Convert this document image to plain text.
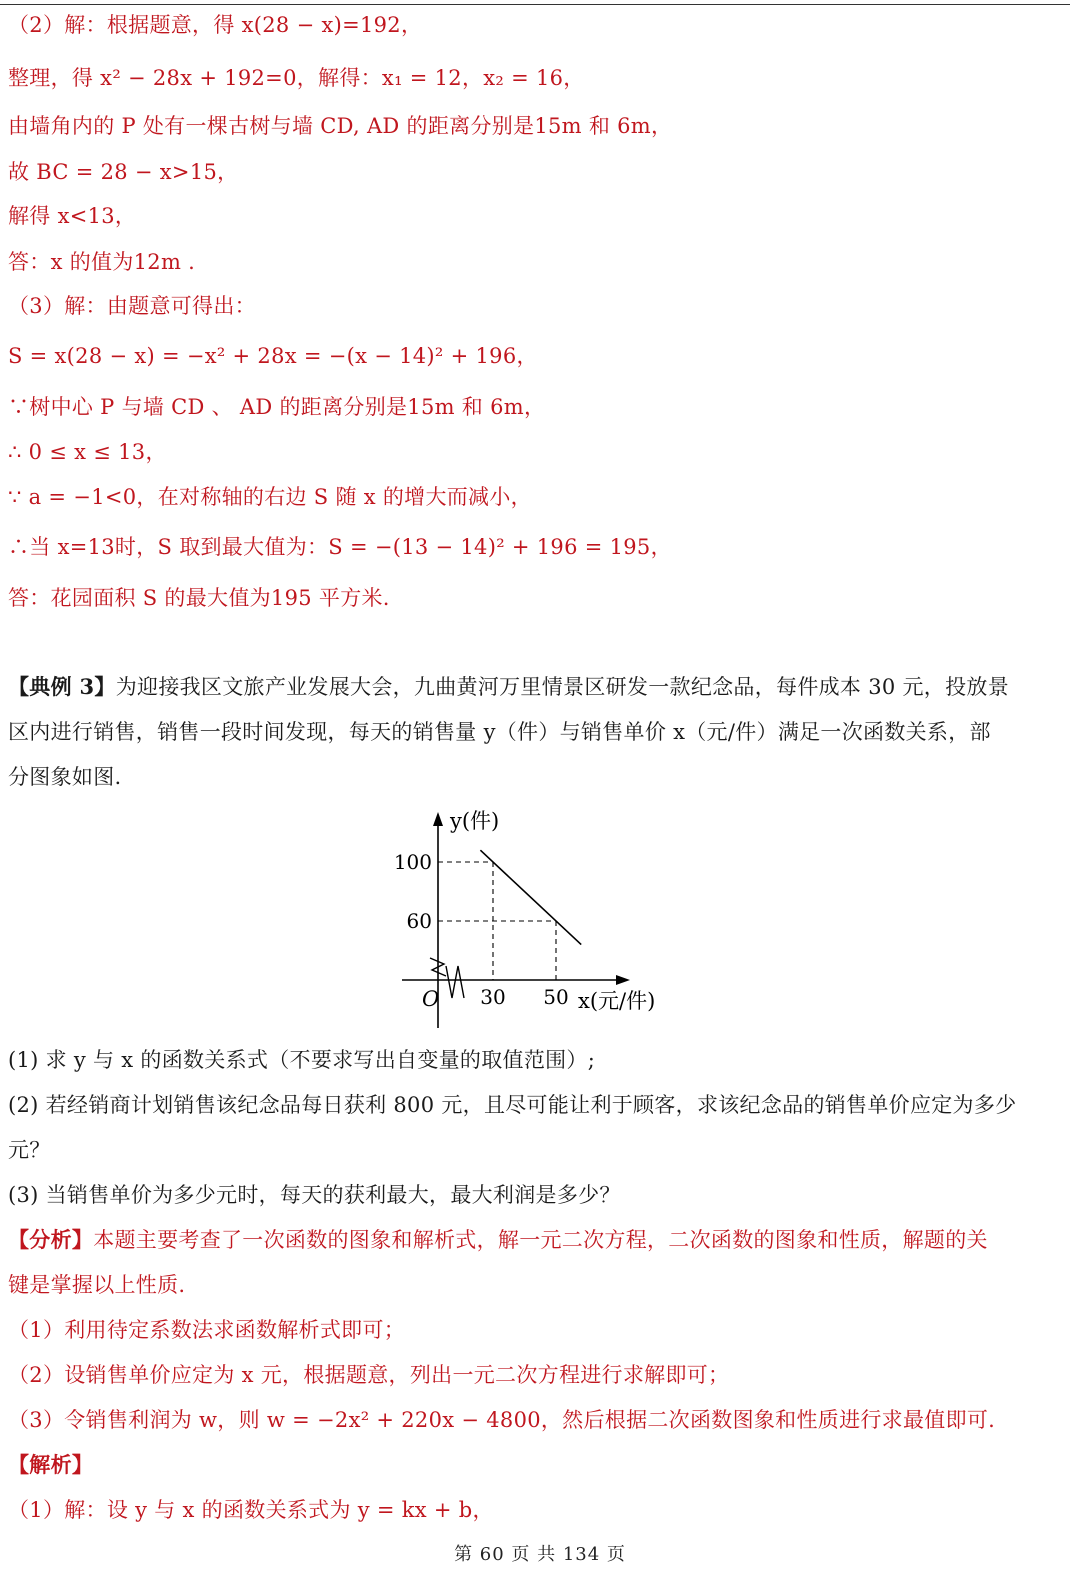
（2）解：根据题意，得 x(28 − x)=192，
整理，得 x² − 28x + 192=0，解得：x₁ = 12，x₂ = 16，
由墙角内的 P 处有一棵古树与墙 CD, AD 的距离分别是15m 和 6m，
故 BC = 28 − x>15，
解得 x<13，
答：x 的值为12m .
（3）解：由题意可得出：
S = x(28 − x) = −x² + 28x = −(x − 14)² + 196，
∵树中心 P 与墙 CD 、 AD 的距离分别是15m 和 6m，
∴ 0 ≤ x ≤ 13，
∵ a = −1<0，在对称轴的右边 S 随 x 的增大而减小，
∴当 x=13时，S 取到最大值为：S = −(13 − 14)² + 196 = 195，
答：花园面积 S 的最大值为195 平方米.
【典例 3】为迎接我区文旅产业发展大会，九曲黄河万里情景区研发一款纪念品，每件成本 30 元，投放景
区内进行销售，销售一段时间发现，每天的销售量 y（件）与销售单价 x（元/件）满足一次函数关系，部
分图象如图.
O 30 50
100
60
y(件)
x(元/件)
(1) 求 y 与 x 的函数关系式（不要求写出自变量的取值范围）;
(2) 若经销商计划销售该纪念品每日获利 800 元，且尽可能让利于顾客，求该纪念品的销售单价应定为多少
元？
(3) 当销售单价为多少元时，每天的获利最大，最大利润是多少？
【分析】本题主要考查了一次函数的图象和解析式，解一元二次方程，二次函数的图象和性质，解题的关
键是掌握以上性质.
（1）利用待定系数法求函数解析式即可；
（2）设销售单价应定为 x 元，根据题意，列出一元二次方程进行求解即可；
（3）令销售利润为 w，则 w = −2x² + 220x − 4800，然后根据二次函数图象和性质进行求最值即可.
【解析】
（1）解：设 y 与 x 的函数关系式为 y = kx + b，
第 60 页 共 134 页
